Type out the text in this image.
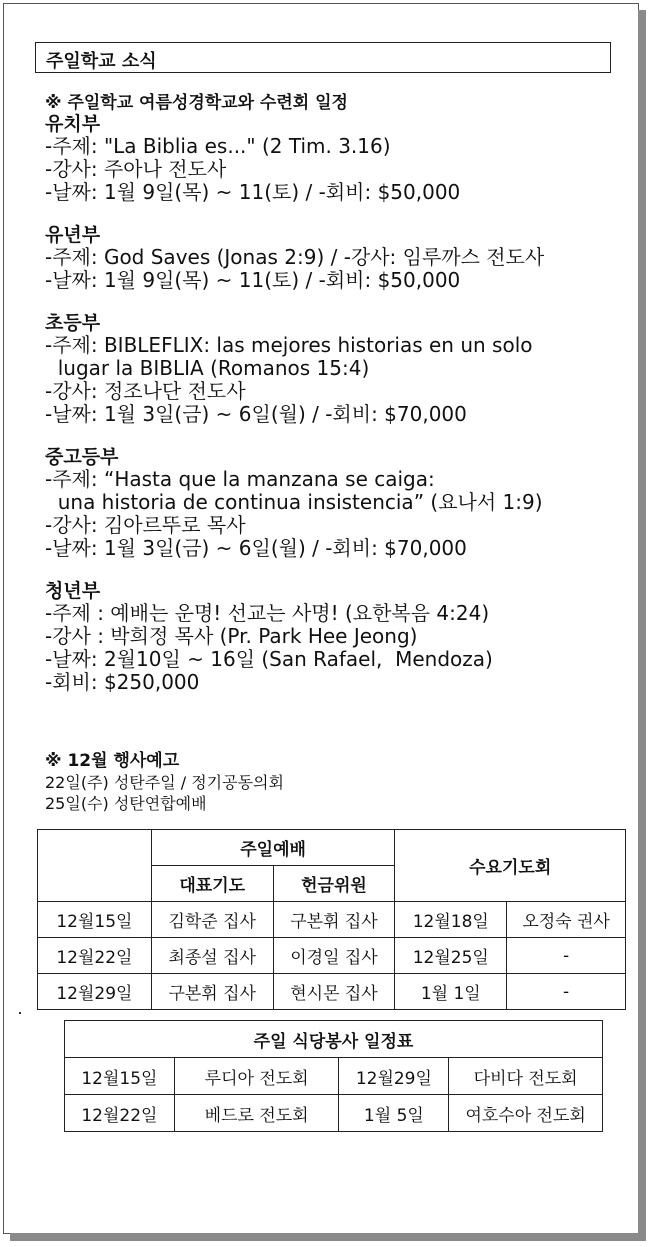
주일학교 소식
※ 주일학교 여름성경학교와 수련회 일정
유치부
-주제: "La Biblia es..." (2 Tim. 3.16)
-강사: 주아나 전도사
-날짜: 1월 9일(목) ~ 11(토) / -회비: $50,000
유년부
-주제: God Saves (Jonas 2:9) / -강사: 임루까스 전도사
-날짜: 1월 9일(목) ~ 11(토) / -회비: $50,000
초등부
-주제: BIBLEFLIX: las mejores historias en un solo
lugar la BIBLIA (Romanos 15:4)
-강사: 정조나단 전도사
-날짜: 1월 3일(금) ~ 6일(월) / -회비: $70,000
중고등부
-주제: “Hasta que la manzana se caiga:
una historia de continua insistencia” (요나서 1:9)
-강사: 김아르뚜로 목사
-날짜: 1월 3일(금) ~ 6일(월) / -회비: $70,000
청년부
-주제 : 예배는 운명! 선교는 사명! (요한복음 4:24)
-강사 : 박희정 목사 (Pr. Park Hee Jeong)
-날짜: 2월10일 ~ 16일 (San Rafael,  Mendoza)
-회비: $250,000
※ 12월 행사예고
22일(주) 성탄주일 / 정기공동의회
25일(수) 성탄연합예배
	주일예배		수요기도회	
	대표기도	헌금위원		
12월15일	김학준 집사	구본휘 집사	12월18일	오정숙 권사
12월22일	최종설 집사	이경일 집사	12월25일	-
12월29일	구본휘 집사	현시몬 집사	1월 1일	-
주일 식당봉사 일정표			
12월15일	루디아 전도회	12월29일	다비다 전도회
12월22일	베드로 전도회	1월 5일	여호수아 전도회
